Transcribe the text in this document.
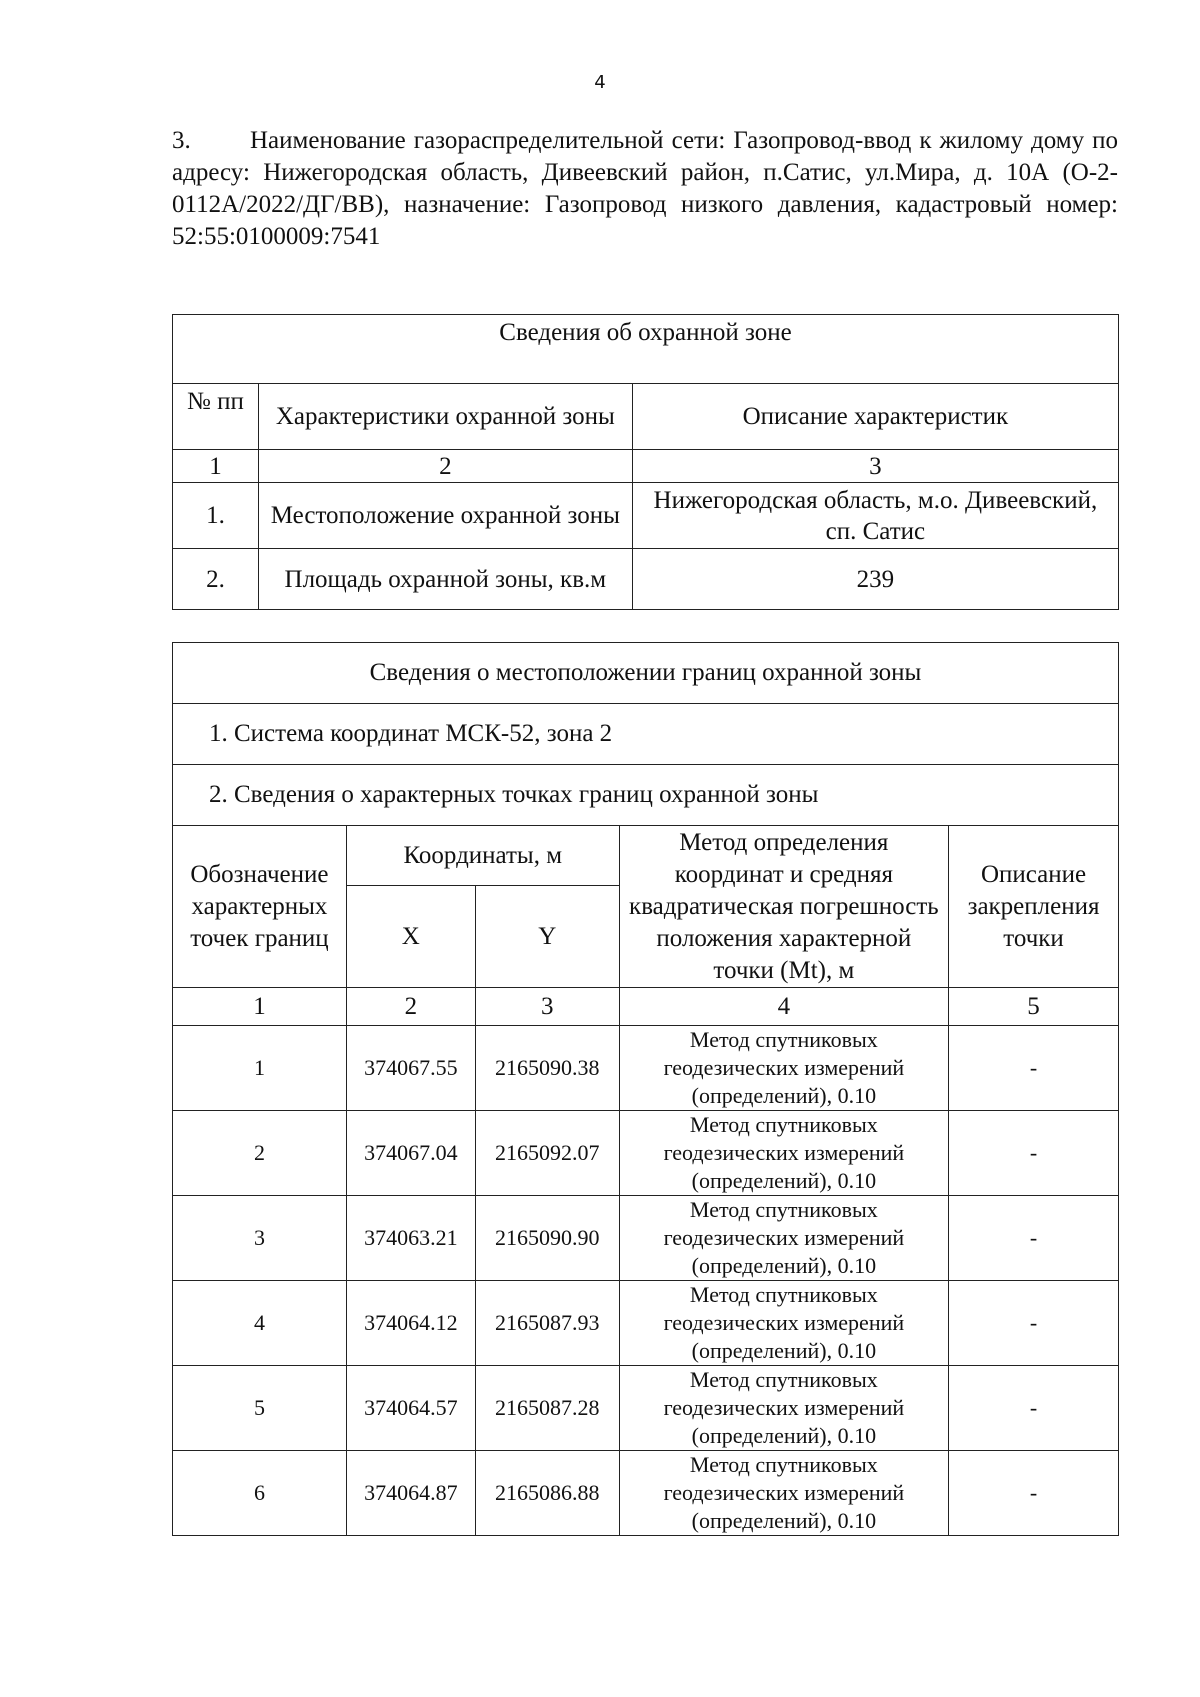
4
3. Наименование газораспределительной сети: Газопровод-ввод к жилому дому по адресу: Нижегородская область, Дивеевский район, п.Сатис, ул.Мира, д. 10А (О-2-0112А/2022/ДГ/ВВ), назначение: Газопровод низкого давления, кадастровый номер: 52:55:0100009:7541
Сведения об охранной зоне		
№ пп	Характеристики охранной зоны	Описание характеристик
1	2	3
1.	Местоположение охранной зоны	Нижегородская область, м.о. Дивеевский, сп. Сатис
2.	Площадь охранной зоны, кв.м	239
Сведения о местоположении границ охранной зоны				
1. Система координат МСК-52, зона 2				
2. Сведения о характерных точках границ охранной зоны				
Обозначение характерных точек границ	Координаты, м		Метод определения координат и средняя квадратическая погрешность положения характерной точки (Mt), м	Описание закрепления точки
	X	Y		
1	2	3	4	5
1	374067.55	2165090.38	Метод спутниковых геодезических измерений (определений), 0.10	-
2	374067.04	2165092.07	Метод спутниковых геодезических измерений (определений), 0.10	-
3	374063.21	2165090.90	Метод спутниковых геодезических измерений (определений), 0.10	-
4	374064.12	2165087.93	Метод спутниковых геодезических измерений (определений), 0.10	-
5	374064.57	2165087.28	Метод спутниковых геодезических измерений (определений), 0.10	-
6	374064.87	2165086.88	Метод спутниковых геодезических измерений (определений), 0.10	-
